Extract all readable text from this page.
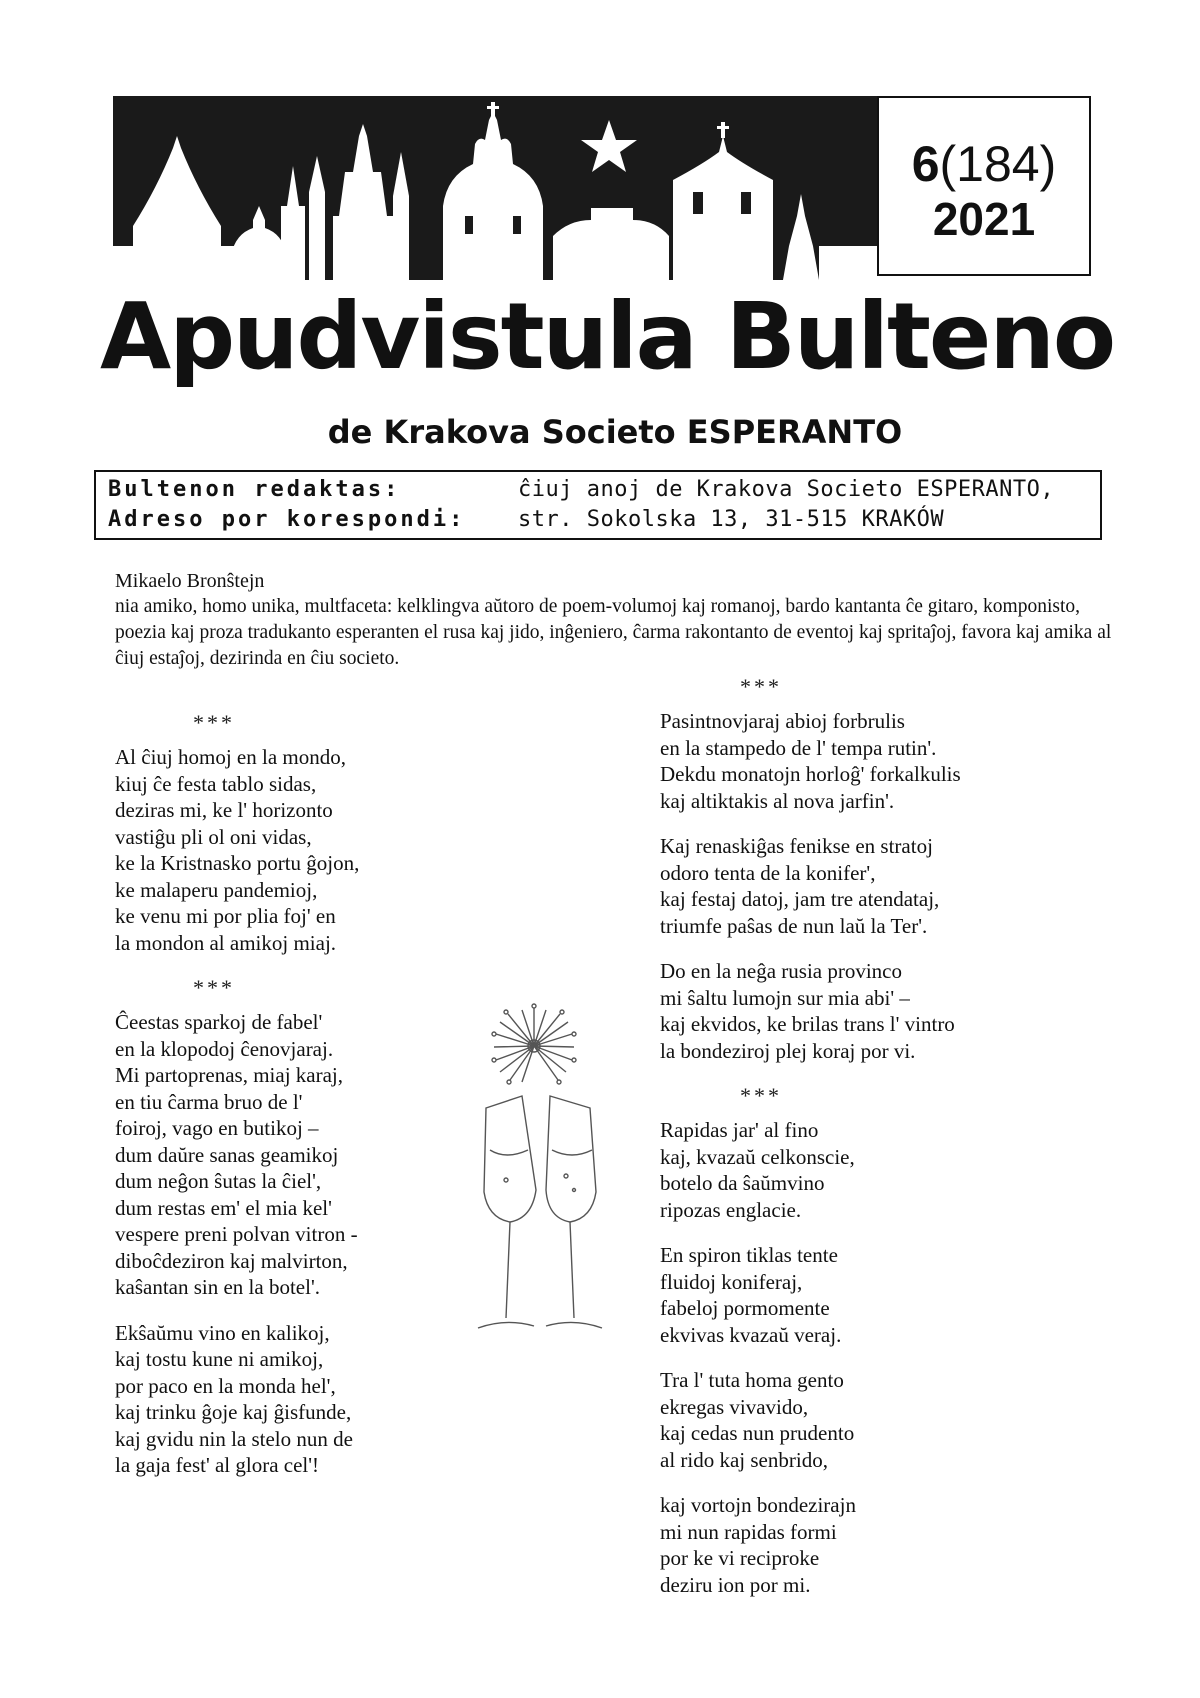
6(184)
2021
Apudvistula Bulteno
de Krakova Societo ESPERANTO
Bultenon redaktas:	ĉiuj anoj de Krakova Societo ESPERANTO,
Adreso por korespondi: str. Sokolska 13, 31-515 KRAKÓW
Mikaelo Bronŝtejn
nia amiko, homo unika, multfaceta: kelklingva aŭtoro de poem-volumoj kaj romanoj, bardo kantanta ĉe gitaro, komponisto, poezia kaj proza tradukanto esperanten el rusa kaj jido, inĝeniero, ĉarma rakontanto de eventoj kaj spritaĵoj, favora kaj amika al ĉiuj estaĵoj, dezirinda en ĉiu societo.
***
Al ĉiuj homoj en la mondo,
kiuj ĉe festa tablo sidas,
deziras mi, ke l' horizonto
vastiĝu pli ol oni vidas,
ke la Kristnasko portu ĝojon,
ke malaperu pandemioj,
ke venu mi por plia foj' en
la mondon al amikoj miaj.
***
Ĉeestas sparkoj de fabel'
en la klopodoj ĉenovjaraj.
Mi partoprenas, miaj karaj,
en tiu ĉarma bruo de l'
foiroj, vago en butikoj –
dum daŭre sanas geamikoj
dum neĝon ŝutas la ĉiel',
dum restas em' el mia kel'
vespere preni polvan vitron -
diboĉdeziron kaj malvirton,
kaŝantan sin en la botel'.
Ekŝaŭmu vino en kalikoj,
kaj tostu kune ni amikoj,
por paco en la monda hel',
kaj trinku ĝoje kaj ĝisfunde,
kaj gvidu nin la stelo nun de
la gaja fest' al glora cel'!
***
Pasintnovjaraj abioj forbrulis
en la stampedo de l' tempa rutin'.
Dekdu monatojn horloĝ' forkalkulis
kaj altiktakis al nova jarfin'.
Kaj renaskiĝas fenikse en stratoj
odoro tenta de la konifer',
kaj festaj datoj, jam tre atendataj,
triumfe paŝas de nun laŭ la Ter'.
Do en la neĝa rusia provinco
mi ŝaltu lumojn sur mia abi' –
kaj ekvidos, ke brilas trans l' vintro
la bondeziroj plej koraj por vi.
***
Rapidas jar' al fino
kaj, kvazaŭ celkonscie,
botelo da ŝaŭmvino
ripozas englacie.
En spiron tiklas tente
fluidoj koniferaj,
fabeloj pormomente
ekvivas kvazaŭ veraj.
Tra l' tuta homa gento
ekregas vivavido,
kaj cedas nun prudento
al rido kaj senbrido,
kaj vortojn bondezirajn
mi nun rapidas formi
por ke vi reciproke
deziru ion por mi.
